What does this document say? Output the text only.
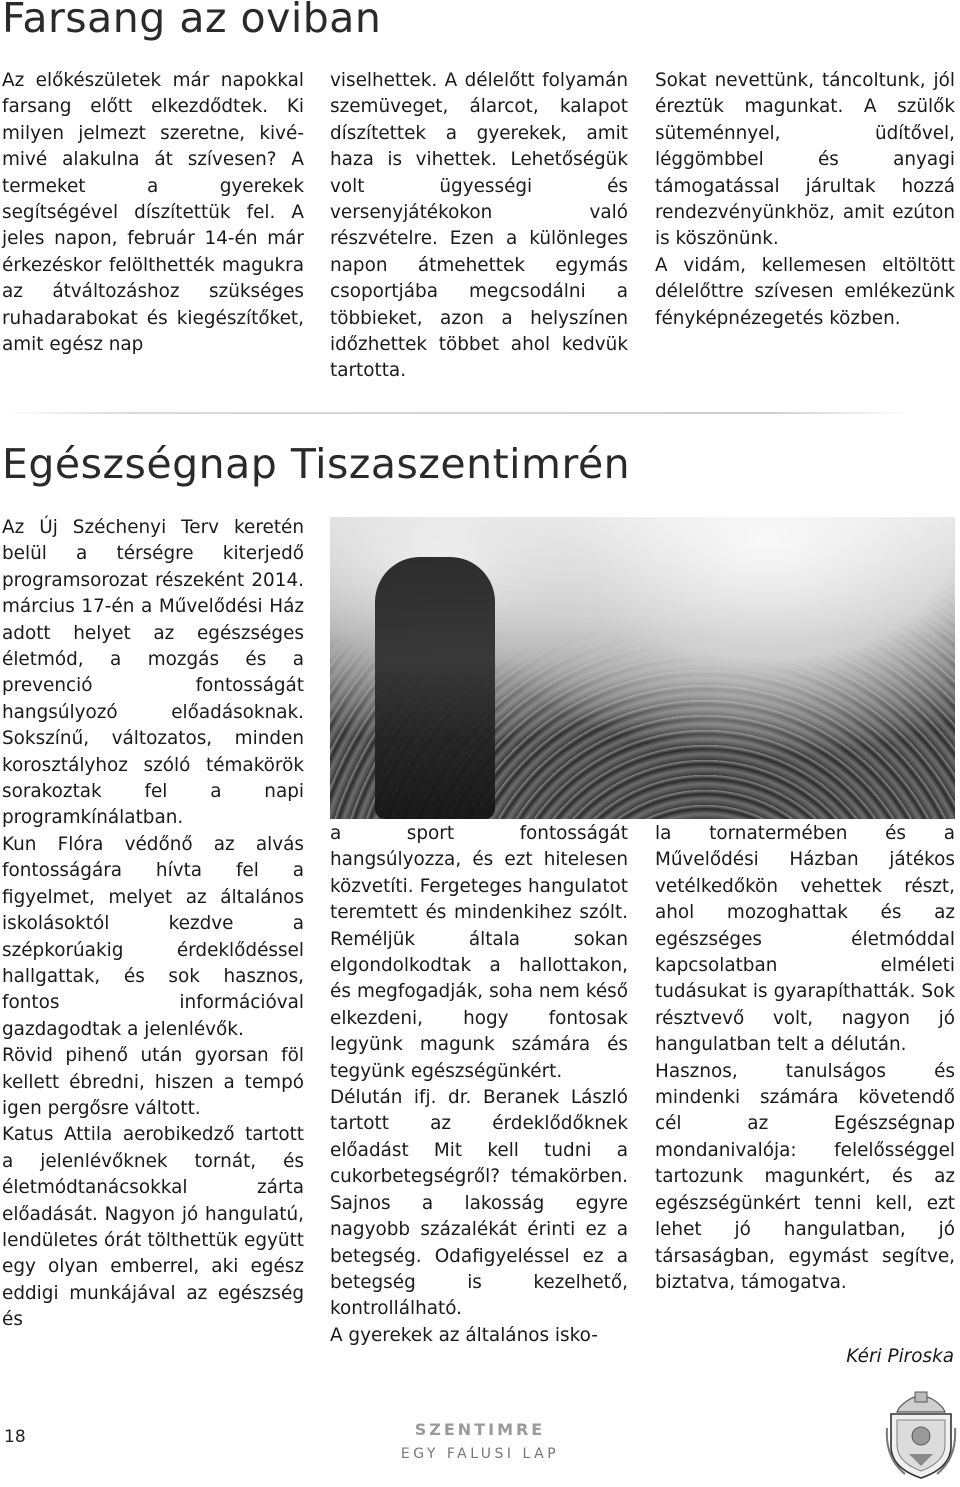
Farsang az oviban

Az előkészületek már napokkal farsang előtt elkezdődtek. Ki milyen jelmezt szeretne, kivé-mivé alakulna át szívesen? A termeket a gyerekek segítségével díszítettük fel. A jeles napon, február 14-én már érkezéskor felölthették magukra az átváltozáshoz szükséges ruhadarabokat és kiegészítőket, amit egész nap

viselhettek. A délelőtt folyamán szemüveget, álarcot, kalapot díszítettek a gyerekek, amit haza is vihettek. Lehetőségük volt ügyességi és versenyjátékokon való részvételre. Ezen a különleges napon átmehettek egymás csoportjába megcsodálni a többieket, azon a helyszínen időzhettek többet ahol kedvük tartotta.

Sokat nevettünk, táncoltunk, jól éreztük magunkat. A szülők süteménnyel, üdítővel, léggömbbel és anyagi támogatással járultak hozzá rendezvényünkhöz, amit ezúton is köszönünk.

A vidám, kellemesen eltöltött délelőttre szívesen emlékezünk fényképnézegetés közben.

Egészségnap Tiszaszentimrén

Az Új Széchenyi Terv keretén belül a térségre kiterjedő programsorozat részeként 2014. március 17-én a Művelődési Ház adott helyet az egészséges életmód, a mozgás és a prevenció fontosságát hangsúlyozó előadásoknak. Sokszínű, változatos, minden korosztályhoz szóló témakörök sorakoztak fel a napi programkínálatban.

Kun Flóra védőnő az alvás fontosságára hívta fel a figyelmet, melyet az általános iskolásoktól kezdve a szépkorúakig érdeklődéssel hallgattak, és sok hasznos, fontos információval gazdagodtak a jelenlévők.

Rövid pihenő után gyorsan föl kellett ébredni, hiszen a tempó igen pergősre váltott.

Katus Attila aerobikedző tartott a jelenlévőknek tornát, és életmódtanácsokkal zárta előadását. Nagyon jó hangulatú, lendületes órát tölthettük együtt egy olyan emberrel, aki egész eddigi munkájával az egészség és

a sport fontosságát hangsúlyozza, és ezt hitelesen közvetíti. Fergeteges hangulatot teremtett és mindenkihez szólt. Reméljük általa sokan elgondolkodtak a hallottakon, és megfogadják, soha nem késő elkezdeni, hogy fontosak legyünk magunk számára és tegyünk egészségünkért.

Délután ifj. dr. Beranek László tartott az érdeklődőknek előadást Mit kell tudni a cukorbetegségről? témakörben. Sajnos a lakosság egyre nagyobb százalékát érinti ez a betegség. Odafigyeléssel ez a betegség is kezelhető, kontrollálható.

A gyerekek az általános isko-

la tornatermében és a Művelődési Házban játékos vetélkedőkön vehettek részt, ahol mozoghattak és az egészséges életmóddal kapcsolatban elméleti tudásukat is gyarapíthatták. Sok résztvevő volt, nagyon jó hangulatban telt a délután.

Hasznos, tanulságos és mindenki számára követendő cél az Egészségnap mondanivalója: felelősséggel tartozunk magunkért, és az egészségünkért tenni kell, ezt lehet jó hangulatban, jó társaságban, egymást segítve, biztatva, támogatva.

Kéri Piroska
18	SZENTIMRE
EGY FALUSI LAP
